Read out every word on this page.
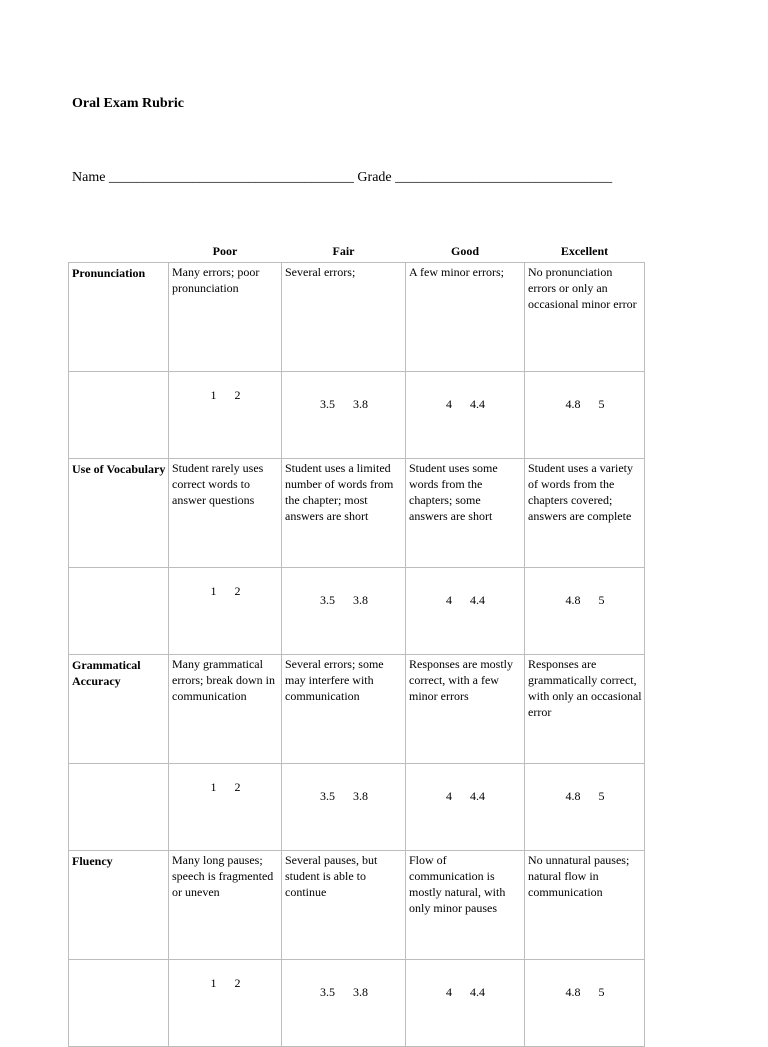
Oral Exam Rubric
Name ___________________________________ Grade _______________________________
	Poor	Fair	Good	Excellent
Pronunciation	Many errors; poor pronunciation	Several errors;	A few minor errors;	No pronunciation errors or only an occasional minor error
	1 2	3.5 3.8	4 4.4	4.8 5
Use of Vocabulary	Student rarely uses correct words to answer questions	Student uses a limited number of words from the chapter; most answers are short	Student uses some words from the chapters; some answers are short	Student uses a variety of words from the chapters covered; answers are complete
	1 2	3.5 3.8	4 4.4	4.8 5
Grammatical Accuracy	Many grammatical errors; break down in communication	Several errors; some may interfere with communication	Responses are mostly correct, with a few minor errors	Responses are grammatically correct, with only an occasional error
	1 2	3.5 3.8	4 4.4	4.8 5
Fluency	Many long pauses; speech is fragmented or uneven	Several pauses, but student is able to continue	Flow of communication is mostly natural, with only minor pauses	No unnatural pauses; natural flow in communication
	1 2	3.5 3.8	4 4.4	4.8 5
